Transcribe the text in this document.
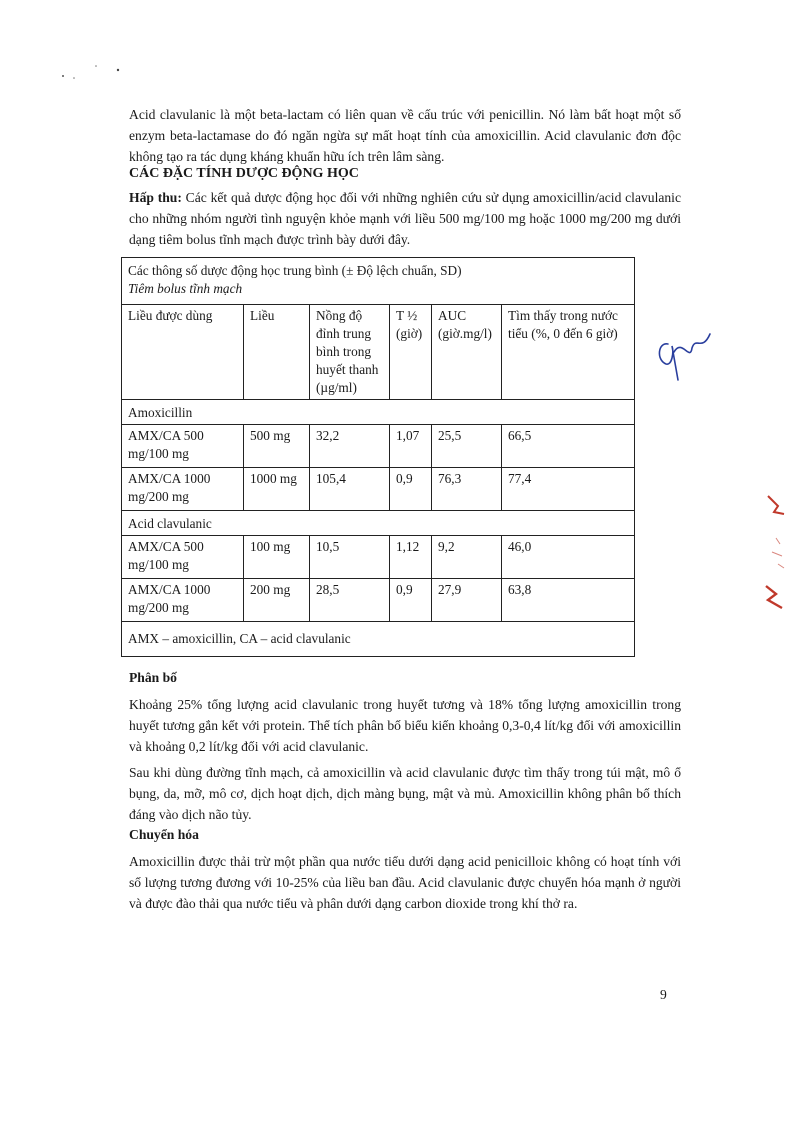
Acid clavulanic là một beta-lactam có liên quan về cấu trúc với penicillin. Nó làm bất hoạt một số enzym beta-lactamase do đó ngăn ngừa sự mất hoạt tính của amoxicillin. Acid clavulanic đơn độc không tạo ra tác dụng kháng khuẩn hữu ích trên lâm sàng.

CÁC ĐẶC TÍNH DƯỢC ĐỘNG HỌC

Hấp thu: Các kết quả dược động học đối với những nghiên cứu sử dụng amoxicillin/acid clavulanic cho những nhóm người tình nguyện khỏe mạnh với liều 500 mg/100 mg hoặc 1000 mg/200 mg dưới dạng tiêm bolus tĩnh mạch được trình bày dưới đây.

Các thông số dược động học trung bình (± Độ lệch chuẩn, SD)
Tiêm bolus tĩnh mạch					

Liều được dùng	Liều	Nồng độ đỉnh trung bình trong huyết thanh (µg/ml)	T ½ (giờ)	AUC (giờ.mg/l)	Tìm thấy trong nước tiểu (%, 0 đến 6 giờ)
Amoxicillin					
AMX/CA 500 mg/100 mg	500 mg	32,2	1,07	25,5	66,5
AMX/CA 1000 mg/200 mg	1000 mg	105,4	0,9	76,3	77,4
Acid clavulanic					
AMX/CA 500 mg/100 mg	100 mg	10,5	1,12	9,2	46,0
AMX/CA 1000 mg/200 mg	200 mg	28,5	0,9	27,9	63,8
AMX – amoxicillin, CA – acid clavulanic					
Phân bố

Khoảng 25% tổng lượng acid clavulanic trong huyết tương và 18% tổng lượng amoxicillin trong huyết tương gắn kết với protein. Thể tích phân bố biểu kiến khoảng 0,3-0,4 lít/kg đối với amoxicillin và khoảng 0,2 lít/kg đối với acid clavulanic.

Sau khi dùng đường tĩnh mạch, cả amoxicillin và acid clavulanic được tìm thấy trong túi mật, mô ổ bụng, da, mỡ, mô cơ, dịch hoạt dịch, dịch màng bụng, mật và mủ. Amoxicillin không phân bố thích đáng vào dịch não tủy.

Chuyển hóa

Amoxicillin được thải trừ một phần qua nước tiểu dưới dạng acid penicilloic không có hoạt tính với số lượng tương đương với 10-25% của liều ban đầu. Acid clavulanic được chuyển hóa mạnh ở người và được đào thải qua nước tiểu và phân dưới dạng carbon dioxide trong khí thở ra.

9
